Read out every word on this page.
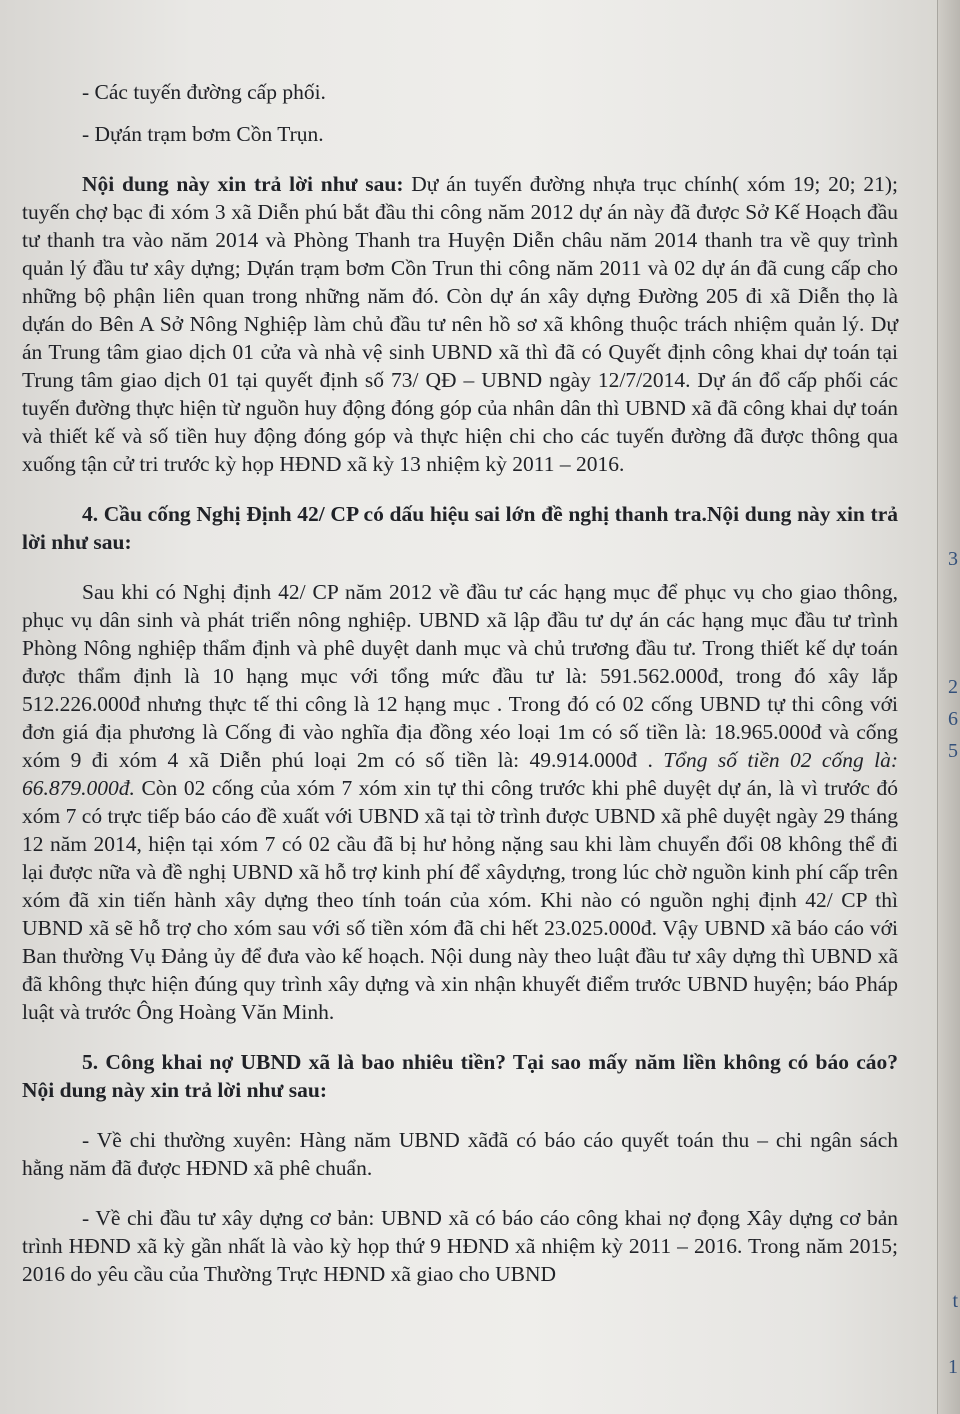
3
2
6
5
t
1

- Các tuyến đường cấp phối.

- Dựán trạm bơm Cồn Trụn.

Nội dung này xin trả lời như sau: Dự án tuyến đường nhựa trục chính( xóm 19; 20; 21); tuyến chợ bạc đi xóm 3 xã Diễn phú bắt đầu thi công năm 2012 dự án này đã được Sở Kế Hoạch đầu tư thanh tra vào năm 2014 và Phòng Thanh tra Huyện Diễn châu năm 2014 thanh tra về quy trình quản lý đầu tư xây dựng; Dựán trạm bơm Cồn Trun thi công năm 2011 và 02 dự án đã cung cấp cho những bộ phận liên quan trong những năm đó. Còn dự án xây dựng Đường 205 đi xã Diễn thọ là dựán do Bên A Sở Nông Nghiệp làm chủ đầu tư nên hồ sơ xã không thuộc trách nhiệm quản lý. Dự án Trung tâm giao dịch 01 cửa và nhà vệ sinh UBND xã thì đã có Quyết định công khai dự toán tại Trung tâm giao dịch 01 tại quyết định số 73/ QĐ – UBND ngày 12/7/2014. Dự án đổ cấp phối các tuyến đường thực hiện từ nguồn huy động đóng góp của nhân dân thì UBND xã đã công khai dự toán và thiết kế và số tiền huy động đóng góp và thực hiện chi cho các tuyến đường đã được thông qua xuống tận cử tri trước kỳ họp HĐND xã kỳ 13 nhiệm kỳ 2011 – 2016.

4. Cầu cống Nghị Định 42/ CP có dấu hiệu sai lớn đề nghị thanh tra.Nội dung này xin trả lời như sau:

Sau khi có Nghị định 42/ CP năm 2012 về đầu tư các hạng mục để phục vụ cho giao thông, phục vụ dân sinh và phát triển nông nghiệp. UBND xã lập đầu tư dự án các hạng mục đầu tư trình Phòng Nông nghiệp thẩm định và phê duyệt danh mục và chủ trương đầu tư. Trong thiết kế dự toán được thẩm định là 10 hạng mục với tổng mức đầu tư là: 591.562.000đ, trong đó xây lắp 512.226.000đ nhưng thực tế thi công là 12 hạng mục . Trong đó có 02 cống UBND tự thi công với đơn giá địa phương là Cống đi vào nghĩa địa đồng xéo loại 1m có số tiền là: 18.965.000đ và cống xóm 9 đi xóm 4 xã Diễn phú loại 2m có số tiền là: 49.914.000đ . Tổng số tiền 02 cống là: 66.879.000đ. Còn 02 cống của xóm 7 xóm xin tự thi công trước khi phê duyệt dự án, là vì trước đó xóm 7 có trực tiếp báo cáo đề xuất với UBND xã tại tờ trình được UBND xã phê duyệt ngày 29 tháng 12 năm 2014, hiện tại xóm 7 có 02 cầu đã bị hư hỏng nặng sau khi làm chuyển đổi 08 không thể đi lại được nữa và đề nghị UBND xã hỗ trợ kinh phí để xâydựng, trong lúc chờ nguồn kinh phí cấp trên xóm đã xin tiến hành xây dựng theo tính toán của xóm. Khi nào có nguồn nghị định 42/ CP thì UBND xã sẽ hỗ trợ cho xóm sau với số tiền xóm đã chi hết 23.025.000đ. Vậy UBND xã báo cáo với Ban thường Vụ Đảng ủy để đưa vào kế hoạch. Nội dung này theo luật đầu tư xây dựng thì UBND xã đã không thực hiện đúng quy trình xây dựng và xin nhận khuyết điểm trước UBND huyện; báo Pháp luật và trước Ông Hoàng Văn Minh.

5. Công khai nợ UBND xã là bao nhiêu tiền? Tại sao mấy năm liền không có báo cáo? Nội dung này xin trả lời như sau:

- Về chi thường xuyên: Hàng năm UBND xãđã có báo cáo quyết toán thu – chi ngân sách hằng năm đã được HĐND xã phê chuẩn.

- Về chi đầu tư xây dựng cơ bản: UBND xã có báo cáo công khai nợ đọng Xây dựng cơ bản trình HĐND xã kỳ gần nhất là vào kỳ họp thứ 9 HĐND xã nhiệm kỳ 2011 – 2016. Trong năm 2015; 2016 do yêu cầu của Thường Trực HĐND xã giao cho UBND
